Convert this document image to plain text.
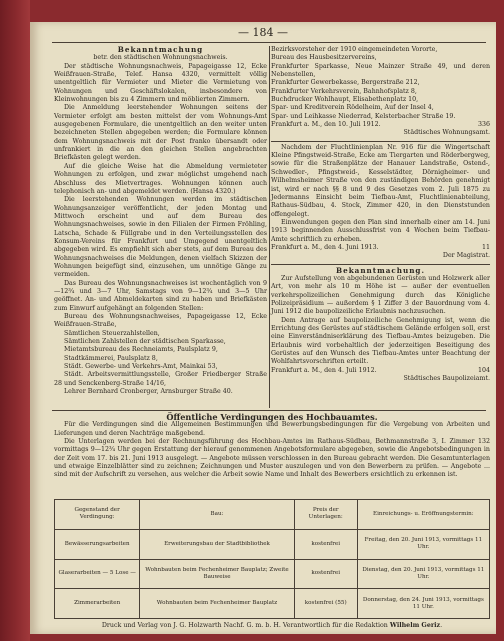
— 184 —
Bekanntmachung
betr. den städtischen Wohnungsnachweis.

Der städtische Wohnungsnachweis, Papageigasse 12, Ecke Weißfrauen-Straße, Telef. Hansa 4320, vermittelt völlig unentgeltlich für Vermieter und Mieter die Vermietung von Wohnungen und Geschäftslokalen, insbesondere von Kleinwohnungen bis zu 4 Zimmern und möblierten Zimmern.

Die Anmeldung leerstehender Wohnungen seitens der Vermieter erfolgt am besten mittelst der vom Wohnungs-Amt ausgegebenen Formulare, die unentgeltlich an den weiter unten bezeichneten Stellen abgegeben werden; die Formulare können dem Wohnungsnachweis mit der Post franko übersandt oder unfrankiert in die an den gleichen Stellen angebrachten Briefkästen gelegt werden.

Auf die gleiche Weise hat die Abmeldung vermieteter Wohnungen zu erfolgen, und zwar möglichst umgehend nach Abschluss des Mietvertrages. Wohnungen können auch telephonisch an- und abgemeldet werden. (Hansa 4320.)

Die leerstehenden Wohnungen werden im städtischen Wohnungsanzeiger veröffentlicht, der jeden Montag und Mittwoch erscheint und auf dem Bureau des Wohnungsnachweises, sowie in den Filialen der Firmen Fröhling, Latscha, Schade & Füllgrabe und in den Verteilungsstellen des Konsum-Vereins für Frankfurt und Umgegend unentgeltlich abgegeben wird. Es empfiehlt sich aber stets, auf dem Bureau des Wohnungsnachweises die Meldungen, denen vielfach Skizzen der Wohnungen beigefügt sind, einzusehen, um unnötige Gänge zu vermeiden.

Das Bureau des Wohnungsnachweises ist wochentäglich von 9—12¾ und 3—7 Uhr, Samstags von 9—12¾ und 3—5 Uhr geöffnet. An- und Abmeldekarten sind zu haben und Briefkästen zum Einwurf aufgehängt an folgenden Stellen:

Bureau des Wohnungsnachweises, Papageigasse 12, Ecke Weißfrauen-Straße,

Sämtlichen Steuerzahlstellen,

Sämtlichen Zahlstellen der städtischen Sparkasse,

Mietamtsbureau des Rechneiamts, Paulsplatz 9,

Stadtkämmerei, Paulsplatz 8,

Städt. Gewerbe- und Verkehrs-Amt, Mainkai 53,

Städt. Arbeitsvermittlungsstelle, Großer Friedberger Straße 28 und Senckenberg-Straße 14/16,

Lehrer Bernhard Cronberger, Arnsburger Straße 40.

Bezirksvorsteher der 1910 eingemeindeten Vororte,

Bureau des Hausbesitzervereins,

Frankfurter Sparkasse, Neue Mainzer Straße 49, und deren Nebenstellen,

Frankfurter Gewerbekasse, Bergerstraße 212,

Frankfurter Verkehrsverein, Bahnhofsplatz 8,

Buchdrucker Wohlhaupt, Elisabethenplatz 10,

Spar- und Kreditverein Rödelheim, Auf der Insel 4,

Spar- und Leihkasse Niederrad, Kelsterbacher Straße 19.

Frankfurt a. M., den 10. Juli 1912.	336
Städtisches Wohnungsamt.

Nachdem der Fluchtlinienplan Nr. 916 für die Wingertschaft Kleine Pfingstweid-Straße, Ecke am Tiergarten und Röderbergweg, sowie für die Straßenplätze der Hanauer Landstraße, Ostend-, Schwedler-, Pfingstweid-, Kesselstädter, Dörnigheimer- und Wilhelmsheimer Straße von den zuständigen Behörden genehmigt ist, wird er nach §§ 8 und 9 des Gesetzes vom 2. Juli 1875 zu Jedermanns Einsicht beim Tiefbau-Amt, Fluchtlinienabteilung, Rathaus-Südbau, 4. Stock, Zimmer 420, in den Dienststunden offengelegt.

Einwendungen gegen den Plan sind innerhalb einer am 14. Juni 1913 beginnenden Ausschlussfrist von 4 Wochen beim Tiefbau-Amte schriftlich zu erheben.

Frankfurt a. M., den 4. Juni 1913.	11
Der Magistrat.
Bekanntmachung.

Zur Aufstellung von abgebundenen Gerüsten und Holzwerk aller Art, von mehr als 10 m Höhe ist — außer der eventuellen verkehrspolizeilichen Genehmigung durch das Königliche Polizeipräsidium — außerdem § 1 Ziffer 3 der Bauordnung vom 4. Juni 1912 die baupolizeiliche Erlaubnis nachzusuchen.

Dem Antrage auf baupolizeiliche Genehmigung ist, wenn die Errichtung des Gerüstes auf städtischem Gelände erfolgen soll, erst eine Einverständniserklärung des Tiefbau-Amtes beizugeben. Die Erlaubnis wird vorbehaltlich der jederzeitigen Beseitigung des Gerüstes auf den Wunsch des Tiefbau-Amtes unter Beachtung der Wohlfahrtsvorschriften erteilt.

Frankfurt a. M., den 4. Juli 1912.	104
Städtisches Baupolizeiamt.
Öffentliche Verdingungen des Hochbauamtes.

Für die Verdingungen sind die Allgemeinen Bestimmungen und Bewerbungsbedingungen für die Vergebung von Arbeiten und Lieferungen und deren Nachträge maßgebend.

Die Unterlagen werden bei der Rechnungsführung des Hochbau-Amtes im Rathaus-Südbau, Bethmannstraße 3, I. Zimmer 132 vormittags 9—12¾ Uhr gegen Erstattung der hierauf genommenen Angebotsformulare abgegeben, sowie die Angebotsbedingungen in der Zeit vom 17. bis 21. Juni 1913 ausgelegt. — Angebote müssen verschlossen in den Bureau gebracht werden. Die Gesamtunterlagen und etwaige Einzelblätter sind zu zeichnen; Zeichnungen und Muster auszulegen und von den Bewerbern zu prüfen. — Angebote ... sind mit der Aufschrift zu versehen, aus welcher die Arbeit sowie Name und Inhalt des Bewerbers ersichtlich zu erkennen ist.

Gegenstand der Verdingung:	Bau:	Preis der Unterlagen:	Einreichungs- u. Eröffnungstermin:
Bewässerungsarbeiten	Erweiterungsbau der Stadtbibliothek	kostenfrei	Freitag, den 20. Juni 1913, vormittags 11 Uhr.
Glaserarbeiten — 5 Lose —	Wohnbauten beim Fechenheimer Bauplatz; Zweite Bauweise	kostenfrei	Dienstag, den 20. Juni 1913, vormittags 11 Uhr.
Zimmerarbeiten	Wohnbauten beim Fechenheimer Bauplatz	kostenfrei (55)	Donnerstag, den 24. Juni 1913, vormittags 11 Uhr.
Druck und Verlag von J. G. Holzwarth Nachf. G. m. b. H. Verantwortlich für die Redaktion Wilhelm Geriz.
